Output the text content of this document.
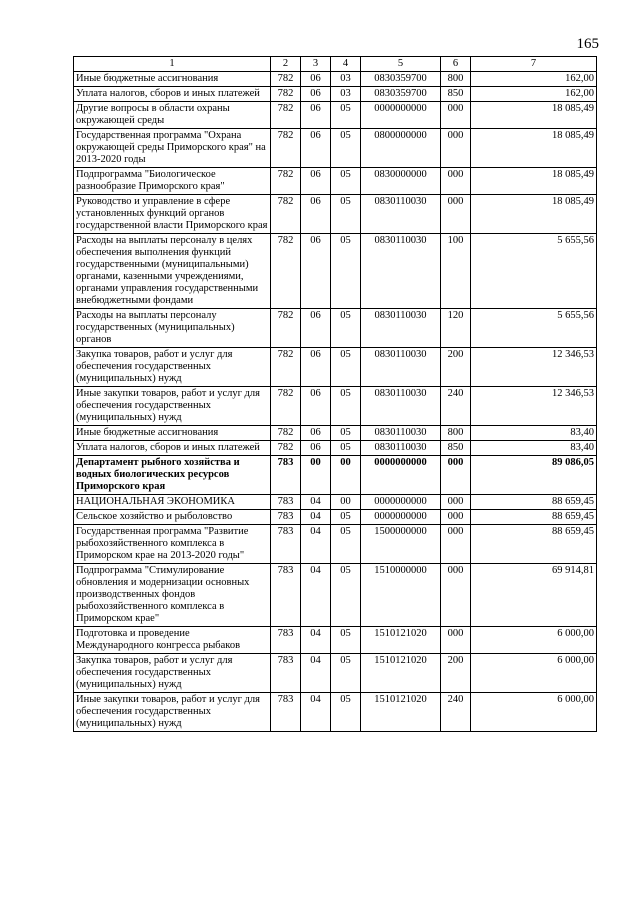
165
1	2	3	4	5	6	7
Иные бюджетные ассигнования	782	06	03	0830359700	800	162,00
Уплата налогов, сборов и иных платежей	782	06	03	0830359700	850	162,00
Другие вопросы в области охраны окружающей среды	782	06	05	0000000000	000	18 085,49
Государственная программа "Охрана окружающей среды Приморского края" на 2013-2020 годы	782	06	05	0800000000	000	18 085,49
Подпрограмма "Биологическое разнообразие Приморского края"	782	06	05	0830000000	000	18 085,49
Руководство и управление в сфере установленных функций органов государственной власти Приморского края	782	06	05	0830110030	000	18 085,49
Расходы на выплаты персоналу в целях обеспечения выполнения функций государственными (муниципальными) органами, казенными учреждениями, органами управления государственными внебюджетными фондами	782	06	05	0830110030	100	5 655,56
Расходы на выплаты персоналу государственных (муниципальных) органов	782	06	05	0830110030	120	5 655,56
Закупка товаров, работ и услуг для обеспечения государственных (муниципальных) нужд	782	06	05	0830110030	200	12 346,53
Иные закупки товаров, работ и услуг для обеспечения государственных (муниципальных) нужд	782	06	05	0830110030	240	12 346,53
Иные бюджетные ассигнования	782	06	05	0830110030	800	83,40
Уплата налогов, сборов и иных платежей	782	06	05	0830110030	850	83,40
Департамент рыбного хозяйства и водных биологических ресурсов Приморского края	783	00	00	0000000000	000	89 086,05
НАЦИОНАЛЬНАЯ ЭКОНОМИКА	783	04	00	0000000000	000	88 659,45
Сельское хозяйство и рыболовство	783	04	05	0000000000	000	88 659,45
Государственная программа "Развитие рыбохозяйственного комплекса в Приморском крае на 2013-2020 годы"	783	04	05	1500000000	000	88 659,45
Подпрограмма "Стимулирование обновления и модернизации основных производственных фондов рыбохозяйственного комплекса в Приморском крае"	783	04	05	1510000000	000	69 914,81
Подготовка и проведение Международного конгресса рыбаков	783	04	05	1510121020	000	6 000,00
Закупка товаров, работ и услуг для обеспечения государственных (муниципальных) нужд	783	04	05	1510121020	200	6 000,00
Иные закупки товаров, работ и услуг для обеспечения государственных (муниципальных) нужд	783	04	05	1510121020	240	6 000,00
